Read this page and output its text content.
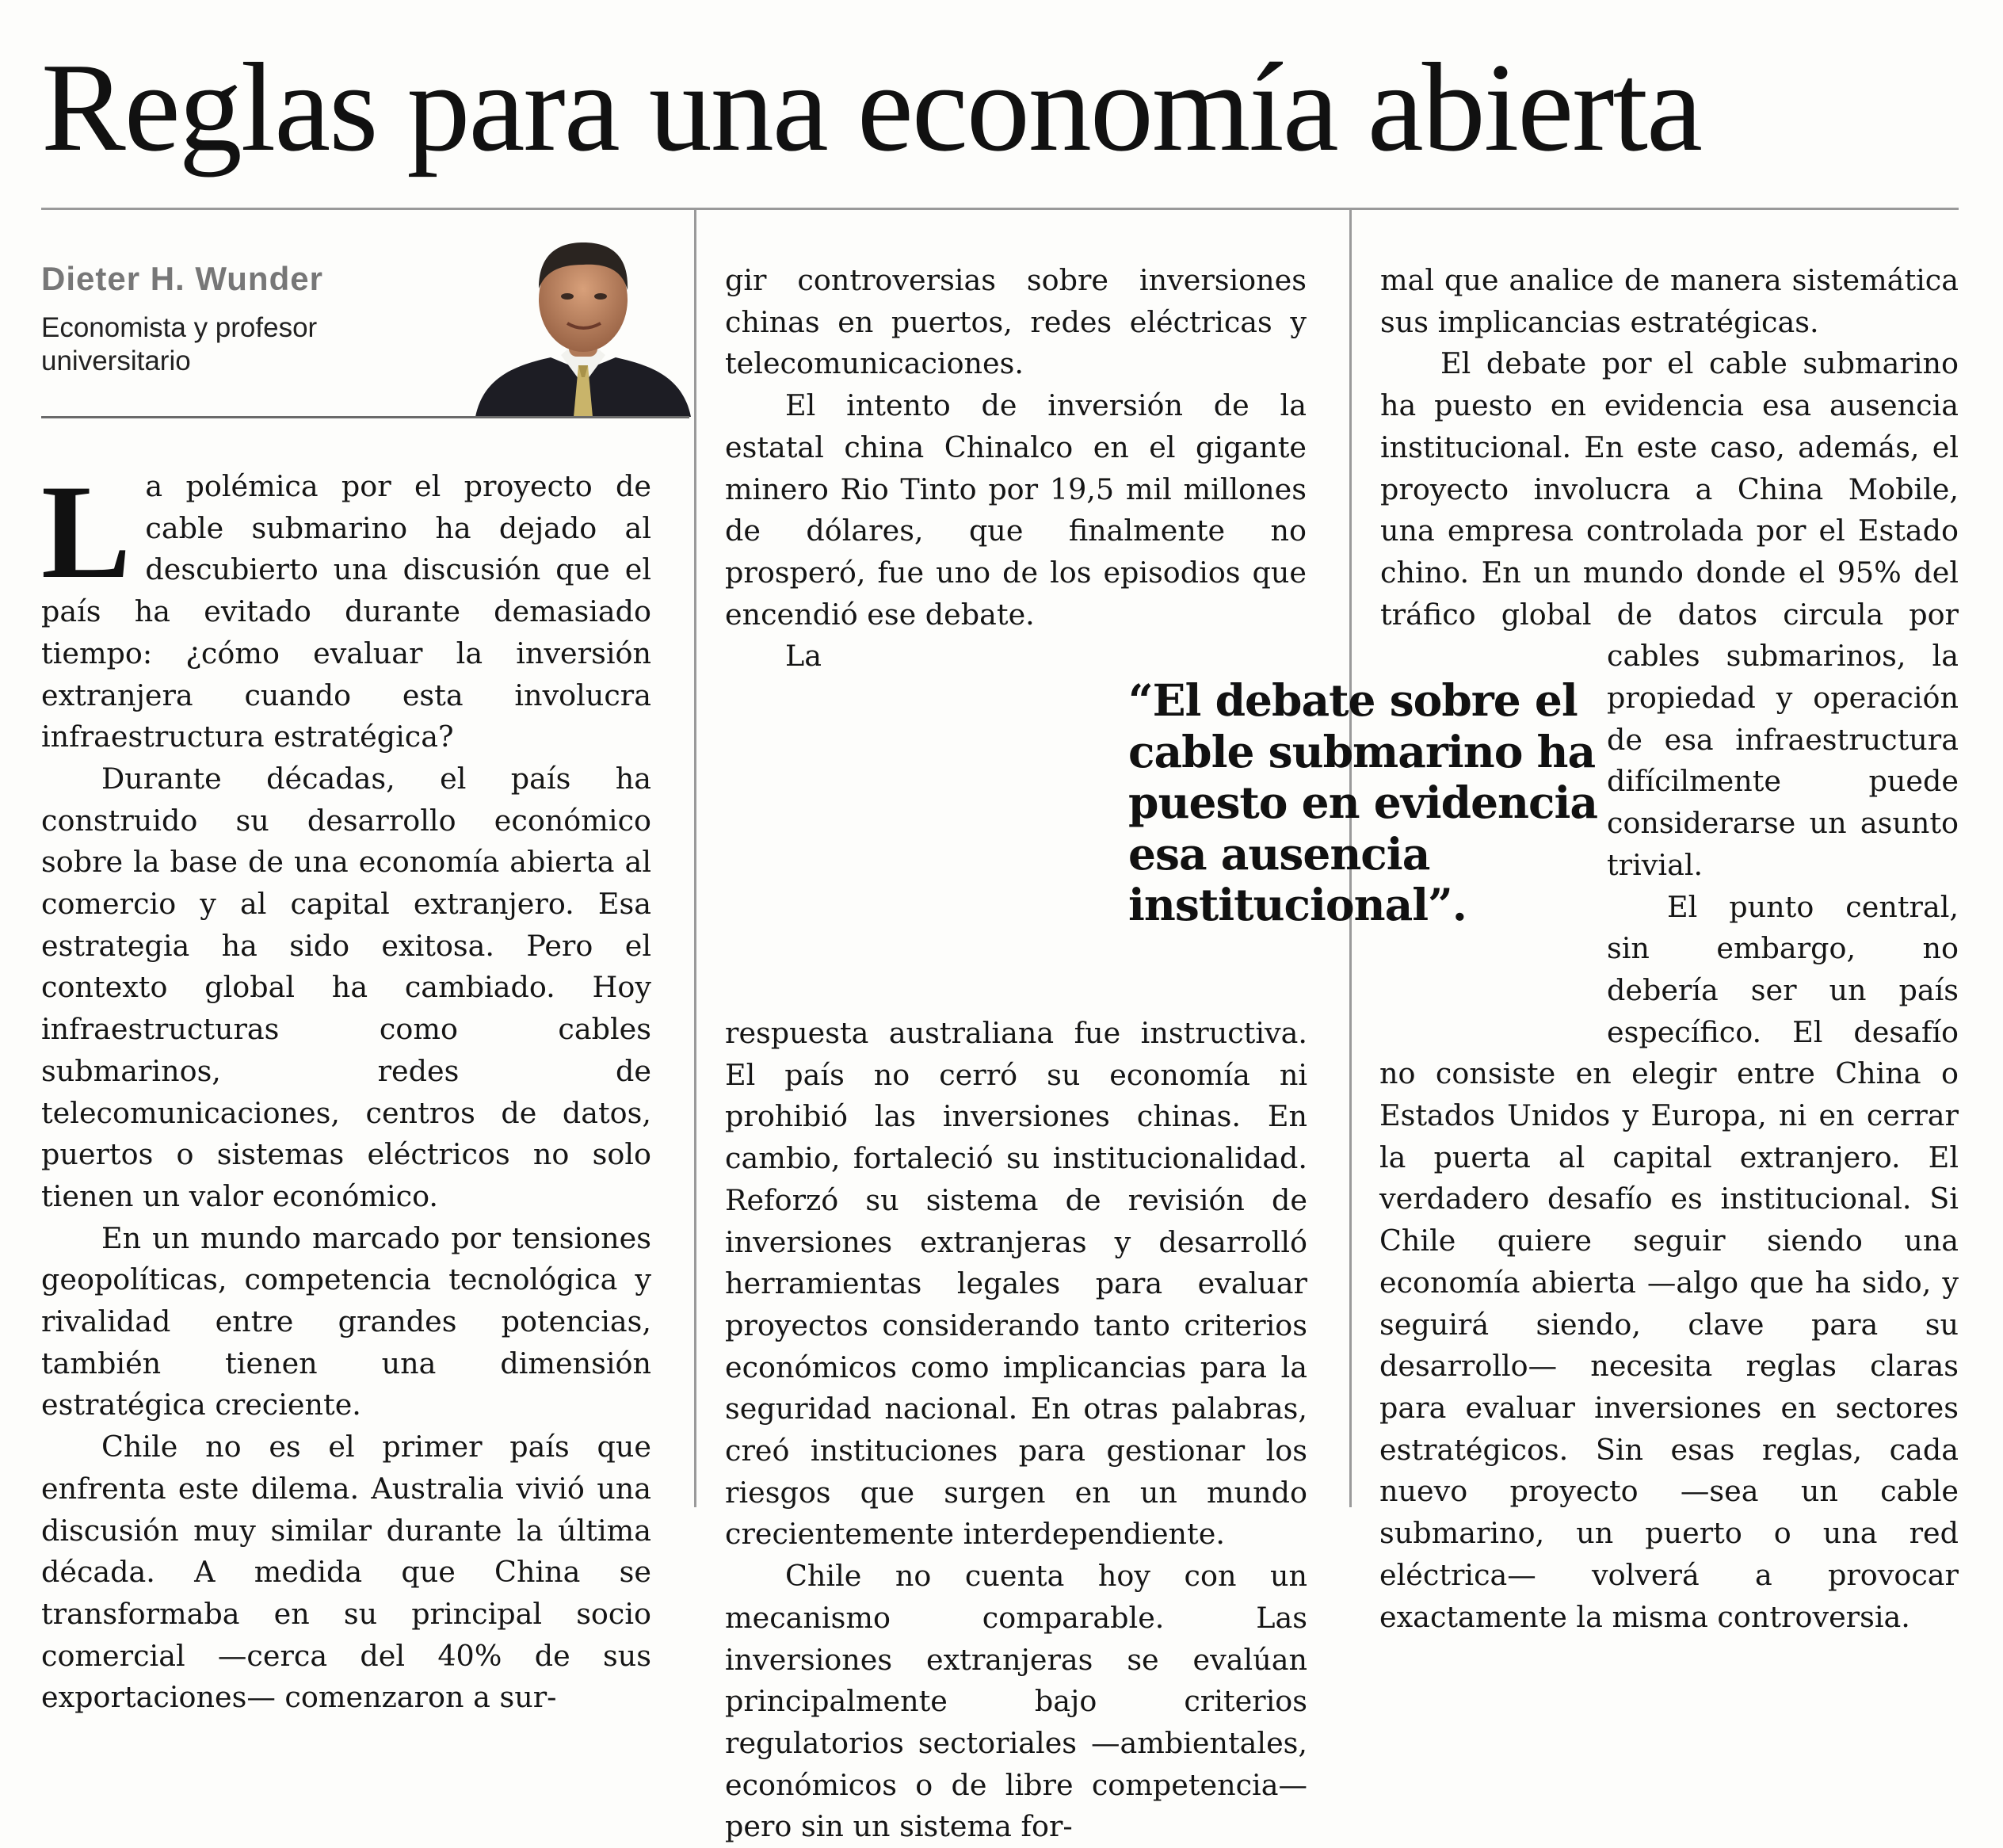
Reglas para una economía abierta

Dieter H. Wunder

Economista y profesor universitario

La polémica por el proyecto de cable submarino ha dejado al descubierto una discusión que el país ha evitado durante demasiado tiempo: ¿cómo evaluar la inversión extranjera cuando esta involucra infraestructura estratégica?

Durante décadas, el país ha construido su desarrollo económico sobre la base de una economía abierta al comercio y al capital extranjero. Esa estrategia ha sido exitosa. Pero el contexto global ha cambiado. Hoy infraestructuras como cables submarinos, redes de telecomunicaciones, centros de datos, puertos o sistemas eléctricos no solo tienen un valor económico.

En un mundo marcado por tensiones geopolíticas, competencia tecnológica y rivalidad entre grandes potencias, también tienen una dimensión estratégica creciente.

Chile no es el primer país que enfrenta este dilema. Australia vivió una discusión muy similar durante la última década. A medida que China se transformaba en su principal socio comercial —cerca del 40% de sus exportaciones— comenzaron a sur-

gir controversias sobre inversiones chinas en puertos, redes eléctricas y telecomunicaciones.

El intento de inversión de la estatal china Chinalco en el gigante minero Rio Tinto por 19,5 mil millones de dólares, que finalmente no prosperó, fue uno de los episodios que encendió ese debate.

La respuesta australiana fue instructiva. El país no cerró su economía ni prohibió las inversiones chinas. En cambio, fortaleció su institucionalidad. Reforzó su sistema de revisión de inversiones extranjeras y desarrolló herramientas legales para evaluar proyectos considerando tanto criterios económicos como implicancias para la seguridad nacional. En otras palabras, creó instituciones para gestionar los riesgos que surgen en un mundo crecientemente interdependiente.

Chile no cuenta hoy con un mecanismo comparable. Las inversiones extranjeras se evalúan principalmente bajo criterios regulatorios sectoriales —ambientales, económicos o de libre competencia— pero sin un sistema for-

mal que analice de manera sistemática sus implicancias estratégicas.

El debate por el cable submarino ha puesto en evidencia esa ausencia institucional. En este caso, además, el proyecto involucra a China Mobile, una empresa controlada por el Estado chino. En un mundo donde el 95% del tráfico global de datos circula por cables submarinos, la propiedad y operación de esa infraestructura difícilmente puede considerarse un asunto trivial.

El punto central, sin embargo, no debería ser un país específico. El desafío no consiste en elegir entre China o Estados Unidos y Europa, ni en cerrar la puerta al capital extranjero. El verdadero desafío es institucional. Si Chile quiere seguir siendo una economía abierta —algo que ha sido, y seguirá siendo, clave para su desarrollo— necesita reglas claras para evaluar inversiones en sectores estratégicos. Sin esas reglas, cada nuevo proyecto —sea un cable submarino, un puerto o una red eléctrica— volverá a provocar exactamente la misma controversia.

“El debate sobre el cable submarino ha puesto en evidencia esa ausencia institucional”.
